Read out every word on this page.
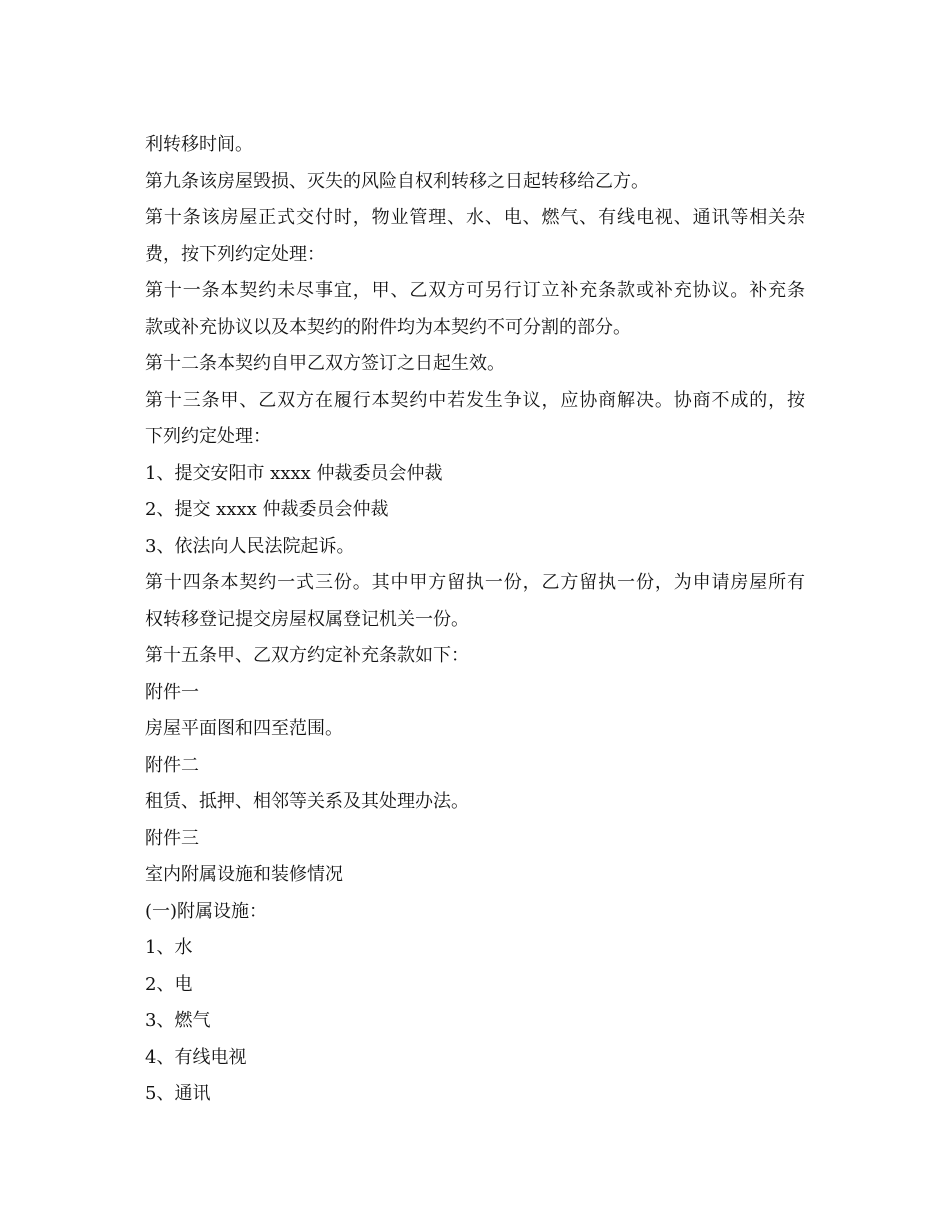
利转移时间。
第九条该房屋毁损、灭失的风险自权利转移之日起转移给乙方。
第十条该房屋正式交付时，物业管理、水、电、燃气、有线电视、通讯等相关杂
费，按下列约定处理：
第十一条本契约未尽事宜，甲、乙双方可另行订立补充条款或补充协议。补充条
款或补充协议以及本契约的附件均为本契约不可分割的部分。
第十二条本契约自甲乙双方签订之日起生效。
第十三条甲、乙双方在履行本契约中若发生争议，应协商解决。协商不成的，按
下列约定处理：
1、提交安阳市 xxxx 仲裁委员会仲裁
2、提交 xxxx 仲裁委员会仲裁
3、依法向人民法院起诉。
第十四条本契约一式三份。其中甲方留执一份，乙方留执一份，为申请房屋所有
权转移登记提交房屋权属登记机关一份。
第十五条甲、乙双方约定补充条款如下：
附件一
房屋平面图和四至范围。
附件二
租赁、抵押、相邻等关系及其处理办法。
附件三
室内附属设施和装修情况
(一)附属设施：
1、水
2、电
3、燃气
4、有线电视
5、通讯
